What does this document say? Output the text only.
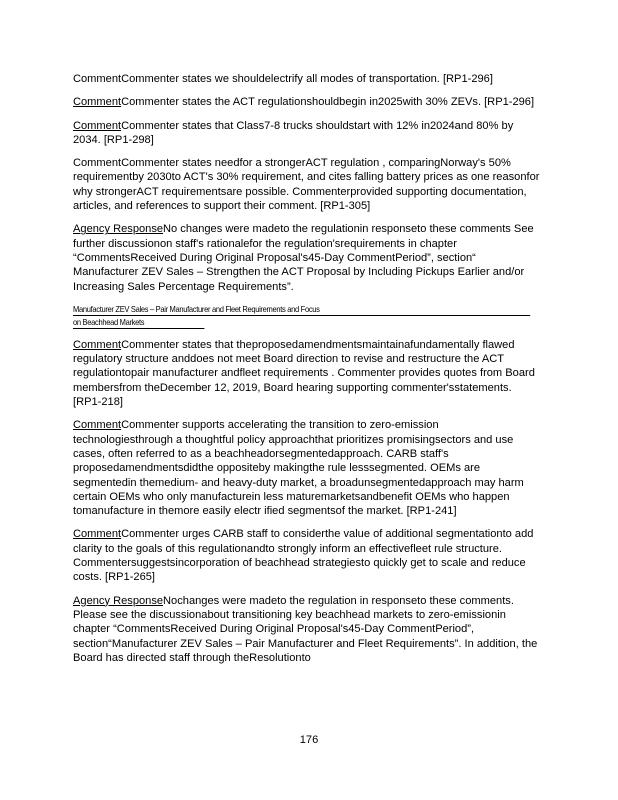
CommentCommenter states we shouldelectrify all modes of transportation. [RP1-296]

CommentCommenter states the ACT regulationshouldbegin in2025with 30% ZEVs. [RP1-296]

CommentCommenter states that Class7-8 trucks shouldstart with 12% in2024and 80% by 2034. [RP1-298]

CommentCommenter states needfor a strongerACT regulation , comparingNorway's 50% requirementby 2030to ACT's 30% requirement, and cites falling battery prices as one reasonfor why strongerACT requirementsare possible. Commenterprovided supporting documentation, articles, and references to support their comment. [RP1-305]

Agency ResponseNo changes were madeto the regulationin responseto these comments See further discussionon staff's rationalefor the regulation'srequirements in chapter “CommentsReceived During Original Proposal's45-Day CommentPeriod”, section“ Manufacturer ZEV Sales – Strengthen the ACT Proposal by Including Pickups Earlier and/or Increasing Sales Percentage Requirements”.

Manufacturer ZEV Sales – Pair Manufacturer and Fleet Requirements and Focus
on Beachhead Markets

CommentCommenter states that theproposedamendmentsmaintainafundamentally flawed regulatory structure anddoes not meet Board direction to revise and restructure the ACT regulationtopair manufacturer andfleet requirements . Commenter provides quotes from Board membersfrom theDecember 12, 2019, Board hearing supporting commenter'sstatements. [RP1-218]

CommentCommenter supports accelerating the transition to zero-emission technologiesthrough a thoughtful policy approachthat prioritizes promisingsectors and use cases, often referred to as a beachheadorsegmentedapproach. CARB staff's proposedamendmentsdidthe oppositeby makingthe rule lesssegmented. OEMs are segmentedin themedium- and heavy-duty market, a broadunsegmentedapproach may harm certain OEMs who only manufacturein less maturemarketsandbenefit OEMs who happen tomanufacture in themore easily electr ified segmentsof the market. [RP1-241]

CommentCommenter urges CARB staff to considerthe value of additional segmentationto add clarity to the goals of this regulationandto strongly inform an effectivefleet rule structure. Commentersuggestsincorporation of beachhead strategiesto quickly get to scale and reduce costs. [RP1-265]

Agency ResponseNochanges were madeto the regulation in responseto these comments. Please see the discussionabout transitioning key beachhead markets to zero-emissionin chapter “CommentsReceived During Original Proposal's45-Day CommentPeriod”, section“Manufacturer ZEV Sales – Pair Manufacturer and Fleet Requirements”. In addition, the Board has directed staff through theResolutionto

176
